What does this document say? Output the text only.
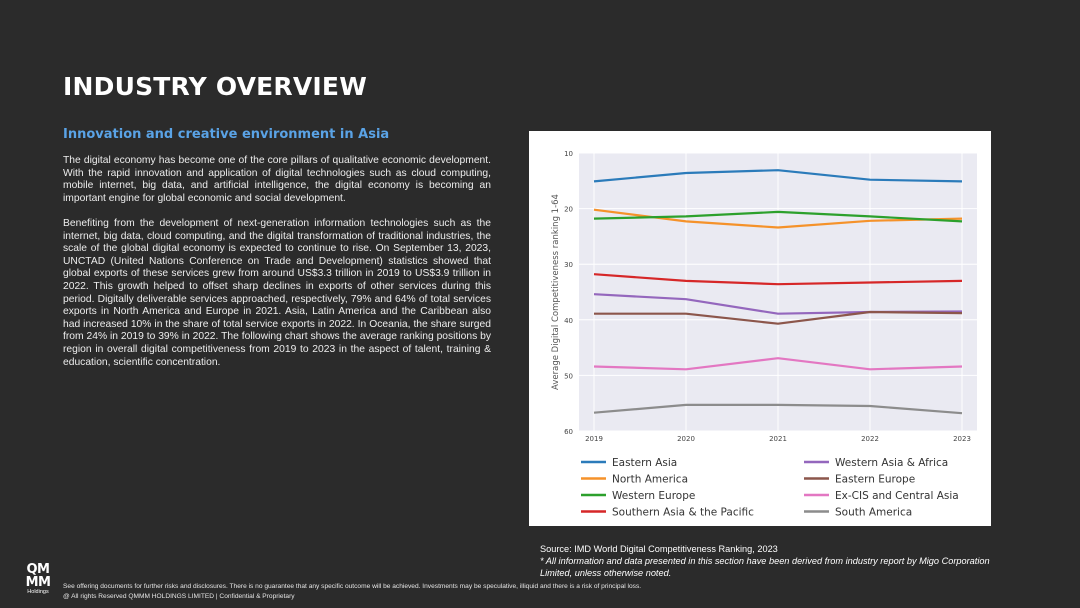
INDUSTRY OVERVIEW
Innovation and creative environment in Asia

The digital economy has become one of the core pillars of qualitative economic development. With the rapid innovation and application of digital technologies such as cloud computing, mobile internet, big data, and artificial intelligence, the digital economy is becoming an important engine for global economic and social development.

Benefiting from the development of next-generation information technologies such as the internet, big data, cloud computing, and the digital transformation of traditional industries, the scale of the global digital economy is expected to continue to rise. On September 13, 2023, UNCTAD (United Nations Conference on Trade and Development) statistics showed that global exports of these services grew from around US$3.3 trillion in 2019 to US$3.9 trillion in 2022. This growth helped to offset sharp declines in exports of other services during this period. Digitally deliverable services approached, respectively, 79% and 64% of total services exports in North America and Europe in 2021. Asia, Latin America and the Caribbean also had increased 10% in the share of total service exports in 2022. In Oceania, the share surged from 24% in 2019 to 39% in 2022. The following chart shows the average ranking positions by region in overall digital competitiveness from 2019 to 2023 in the aspect of talent, training & education, scientific concentration.

10
20
30
40
50
60
2019	2020	2021	2022	2023
Average Digital Competitiveness ranking 1-64
Eastern Asia
North America
Western Europe
Southern Asia & the Pacific
Western Asia & Africa
Eastern Europe
Ex-CIS and Central Asia
South America
Source: IMD World Digital Competitiveness Ranking, 2023
* All information and data presented in this section have been derived from industry report by Migo Corporation Limited, unless otherwise noted.
QM
MM
Holdings
See offering documents for further risks and disclosures. There is no guarantee that any specific outcome will be achieved. Investments may be speculative, illiquid and there is a risk of principal loss.
@ All rights Reserved QMMM HOLDINGS LIMITED | Confidential & Proprietary
